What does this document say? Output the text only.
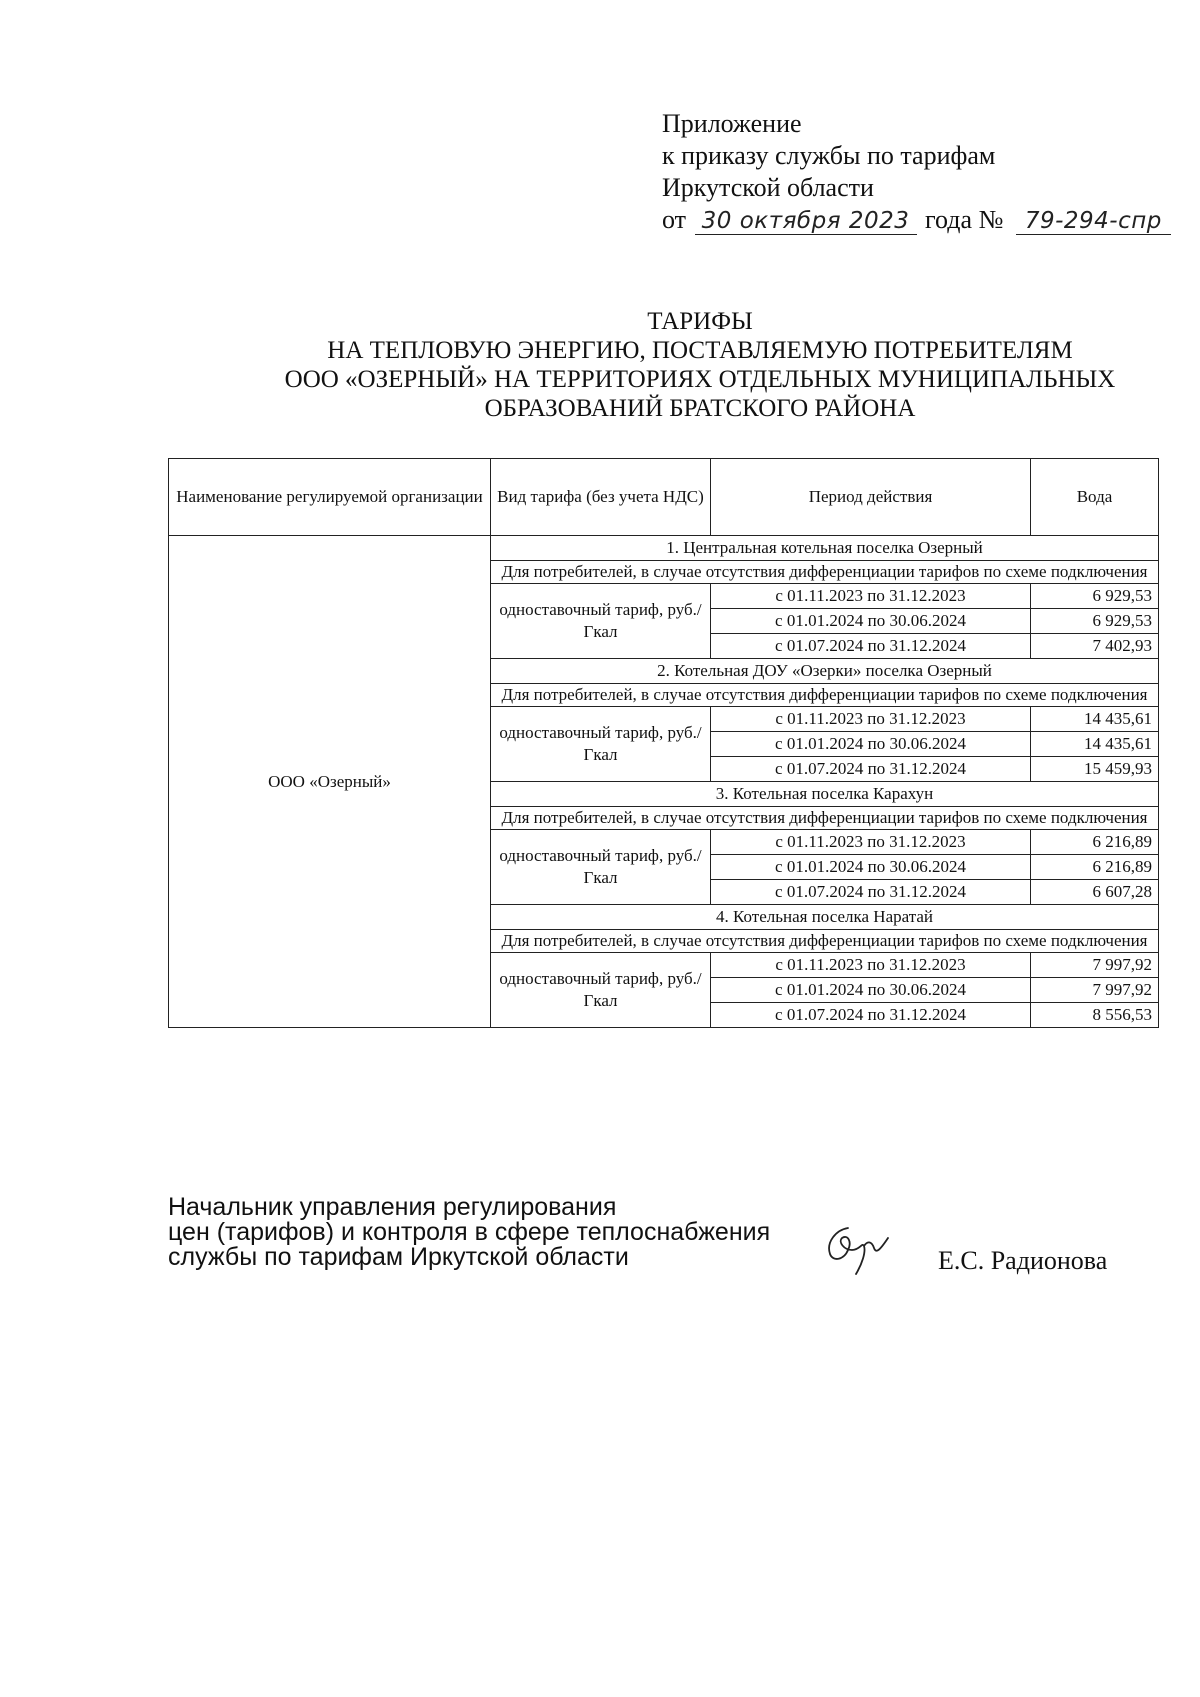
Приложение
к приказу службы по тарифам
Иркутской области
от 30 октября 2023 года № 79-294-спр
ТАРИФЫ
НА ТЕПЛОВУЮ ЭНЕРГИЮ, ПОСТАВЛЯЕМУЮ ПОТРЕБИТЕЛЯМ
ООО «ОЗЕРНЫЙ» НА ТЕРРИТОРИЯХ ОТДЕЛЬНЫХ МУНИЦИПАЛЬНЫХ
ОБРАЗОВАНИЙ БРАТСКОГО РАЙОНА
Наименование регулируемой организации	Вид тарифа (без учета НДС)	Период действия	Вода
ООО «Озерный»	1. Центральная котельная поселка Озерный		
	Для потребителей, в случае отсутствия дифференциации тарифов по схеме подключения		
	одноставочный тариф, руб./Гкал	с 01.11.2023 по 31.12.2023	6 929,53
		с 01.01.2024 по 30.06.2024	6 929,53
		с 01.07.2024 по 31.12.2024	7 402,93
	2. Котельная ДОУ «Озерки» поселка Озерный		
	Для потребителей, в случае отсутствия дифференциации тарифов по схеме подключения		
	одноставочный тариф, руб./Гкал	с 01.11.2023 по 31.12.2023	14 435,61
		с 01.01.2024 по 30.06.2024	14 435,61
		с 01.07.2024 по 31.12.2024	15 459,93
	3. Котельная поселка Карахун		
	Для потребителей, в случае отсутствия дифференциации тарифов по схеме подключения		
	одноставочный тариф, руб./Гкал	с 01.11.2023 по 31.12.2023	6 216,89
		с 01.01.2024 по 30.06.2024	6 216,89
		с 01.07.2024 по 31.12.2024	6 607,28
	4. Котельная поселка Наратай		
	Для потребителей, в случае отсутствия дифференциации тарифов по схеме подключения		
	одноставочный тариф, руб./Гкал	с 01.11.2023 по 31.12.2023	7 997,92
		с 01.01.2024 по 30.06.2024	7 997,92
		с 01.07.2024 по 31.12.2024	8 556,53
Начальник управления регулирования
цен (тарифов) и контроля в сфере теплоснабжения
службы по тарифам Иркутской области	Е.С. Радионова
